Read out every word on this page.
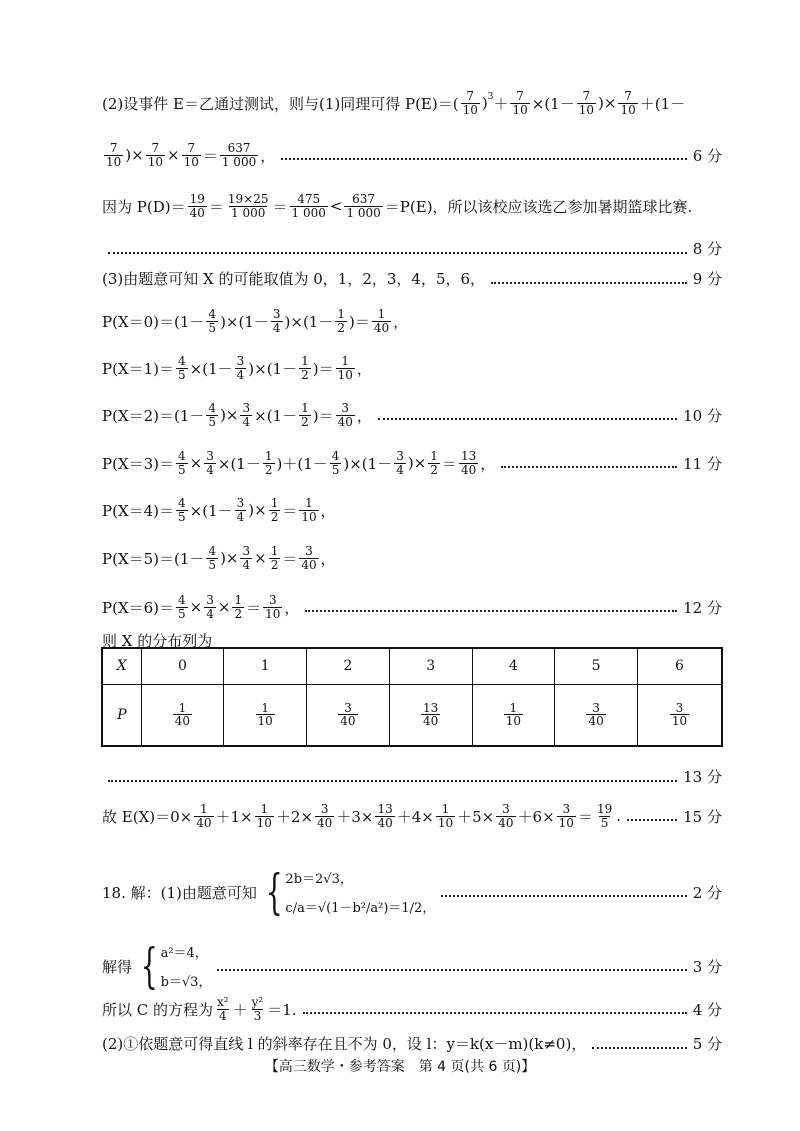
(2)设事件 E＝乙通过测试，则与(1)同理可得 $P(E)=( \frac{7}{10}$ ) $^3 + \frac{7}{10} \times(1- \frac{7}{10}$ )× $\frac{7}{10} +(1-$
$\frac{7}{10}$ )× $\frac{7}{10} \times \frac{7}{10} = \frac{637}{1 000}$ ，	6 分
因为 $P(D)= \frac{19}{40} = \frac{19\times 25}{1 000} = \frac{475}{1 000} < \frac{637}{1 000} =P(E)$，所以该校应该选乙参加暑期篮球比赛.
8 分
(3)由题意可知 X 的可能取值为 0，1，2，3，4，5，6，	9 分
$P(X=0)=(1- \frac{4}{5} )\times(1- \frac{3}{4} )\times(1- \frac{1}{2}$ )＝ $\frac{1}{40}$ ，
$P(X=1)= \frac{4}{5} \times(1- \frac{3}{4} )\times(1- \frac{1}{2}$ )＝ $\frac{1}{10}$ ，
$P(X=2)=(1- \frac{4}{5}$ )× $\frac{3}{4} \times(1- \frac{1}{2}$ )＝ $\frac{3}{40}$ ，	10 分
$P(X=3)= \frac{4}{5} \times \frac{3}{4} \times(1- \frac{1}{2} )+(1- \frac{4}{5} )\times(1- \frac{3}{4}$ )× $\frac{1}{2} = \frac{13}{40}$ ，	11 分
$P(X=4)= \frac{4}{5} \times(1- \frac{3}{4}$ )× $\frac{1}{2} = \frac{1}{10}$ ，
$P(X=5)=(1- \frac{4}{5}$ )× $\frac{3}{4} \times \frac{1}{2} = \frac{3}{40}$ ，
$P(X=6)= \frac{4}{5} \times \frac{3}{4} \times \frac{1}{2} = \frac{3}{10}$ ，	12 分
则 X 的分布列为
13 分
故 $E(X)=0\times \frac{1}{40} +1\times \frac{1}{10} +2\times \frac{3}{40} +3\times \frac{13}{40} +4\times \frac{1}{10} +5\times \frac{3}{40} +6\times \frac{3}{10} = \frac{19}{5}$ .	15 分
18. 解：(1)由题意可知 { 2b＝2√3，
c/a＝√(1－b²/a²)＝1/2，
2 分
解得 { a²＝4，
b＝√3，
3 分
所以 C 的方程为 $\frac{\text{x²}}{4} + \frac{\text{y²}}{3} =1$.	4 分
(2)①依题意可得直线 l 的斜率存在且不为 0，设 l：y＝k(x－m)(k≠0)，	5 分
X	0	1	2	3	4	5	6
P	$\frac{1}{40}$	$\frac{1}{10}$	$\frac{3}{40}$	$\frac{13}{40}$	$\frac{1}{10}$	$\frac{3}{40}$	$\frac{3}{10}$
【高三数学・参考答案　第 4 页(共 6 页)】
